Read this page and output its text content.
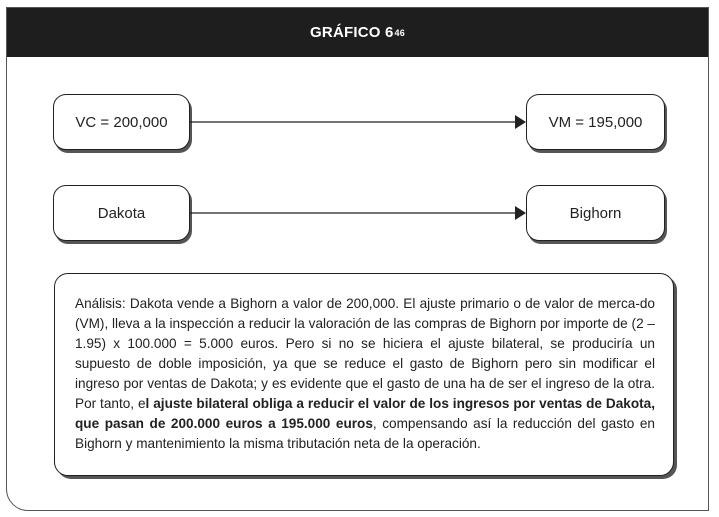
GRÁFICO 6 46
VC = 200,000	VM = 195,000
Dakota	Bighorn
Análisis: Dakota vende a Bighorn a valor de 200,000. El ajuste primario o de valor de merca-do (VM), lleva a la inspección a reducir la valoración de las compras de Bighorn por importe de (2 – 1.95) x 100.000 = 5.000 euros. Pero si no se hiciera el ajuste bilateral, se produciría un supuesto de doble imposición, ya que se reduce el gasto de Bighorn pero sin modificar el ingreso por ventas de Dakota; y es evidente que el gasto de una ha de ser el ingreso de la otra. Por tanto, el ajuste bilateral obliga a reducir el valor de los ingresos por ventas de Dakota, que pasan de 200.000 euros a 195.000 euros, compensando así la reducción del gasto en Bighorn y mantenimiento la misma tributación neta de la operación.
